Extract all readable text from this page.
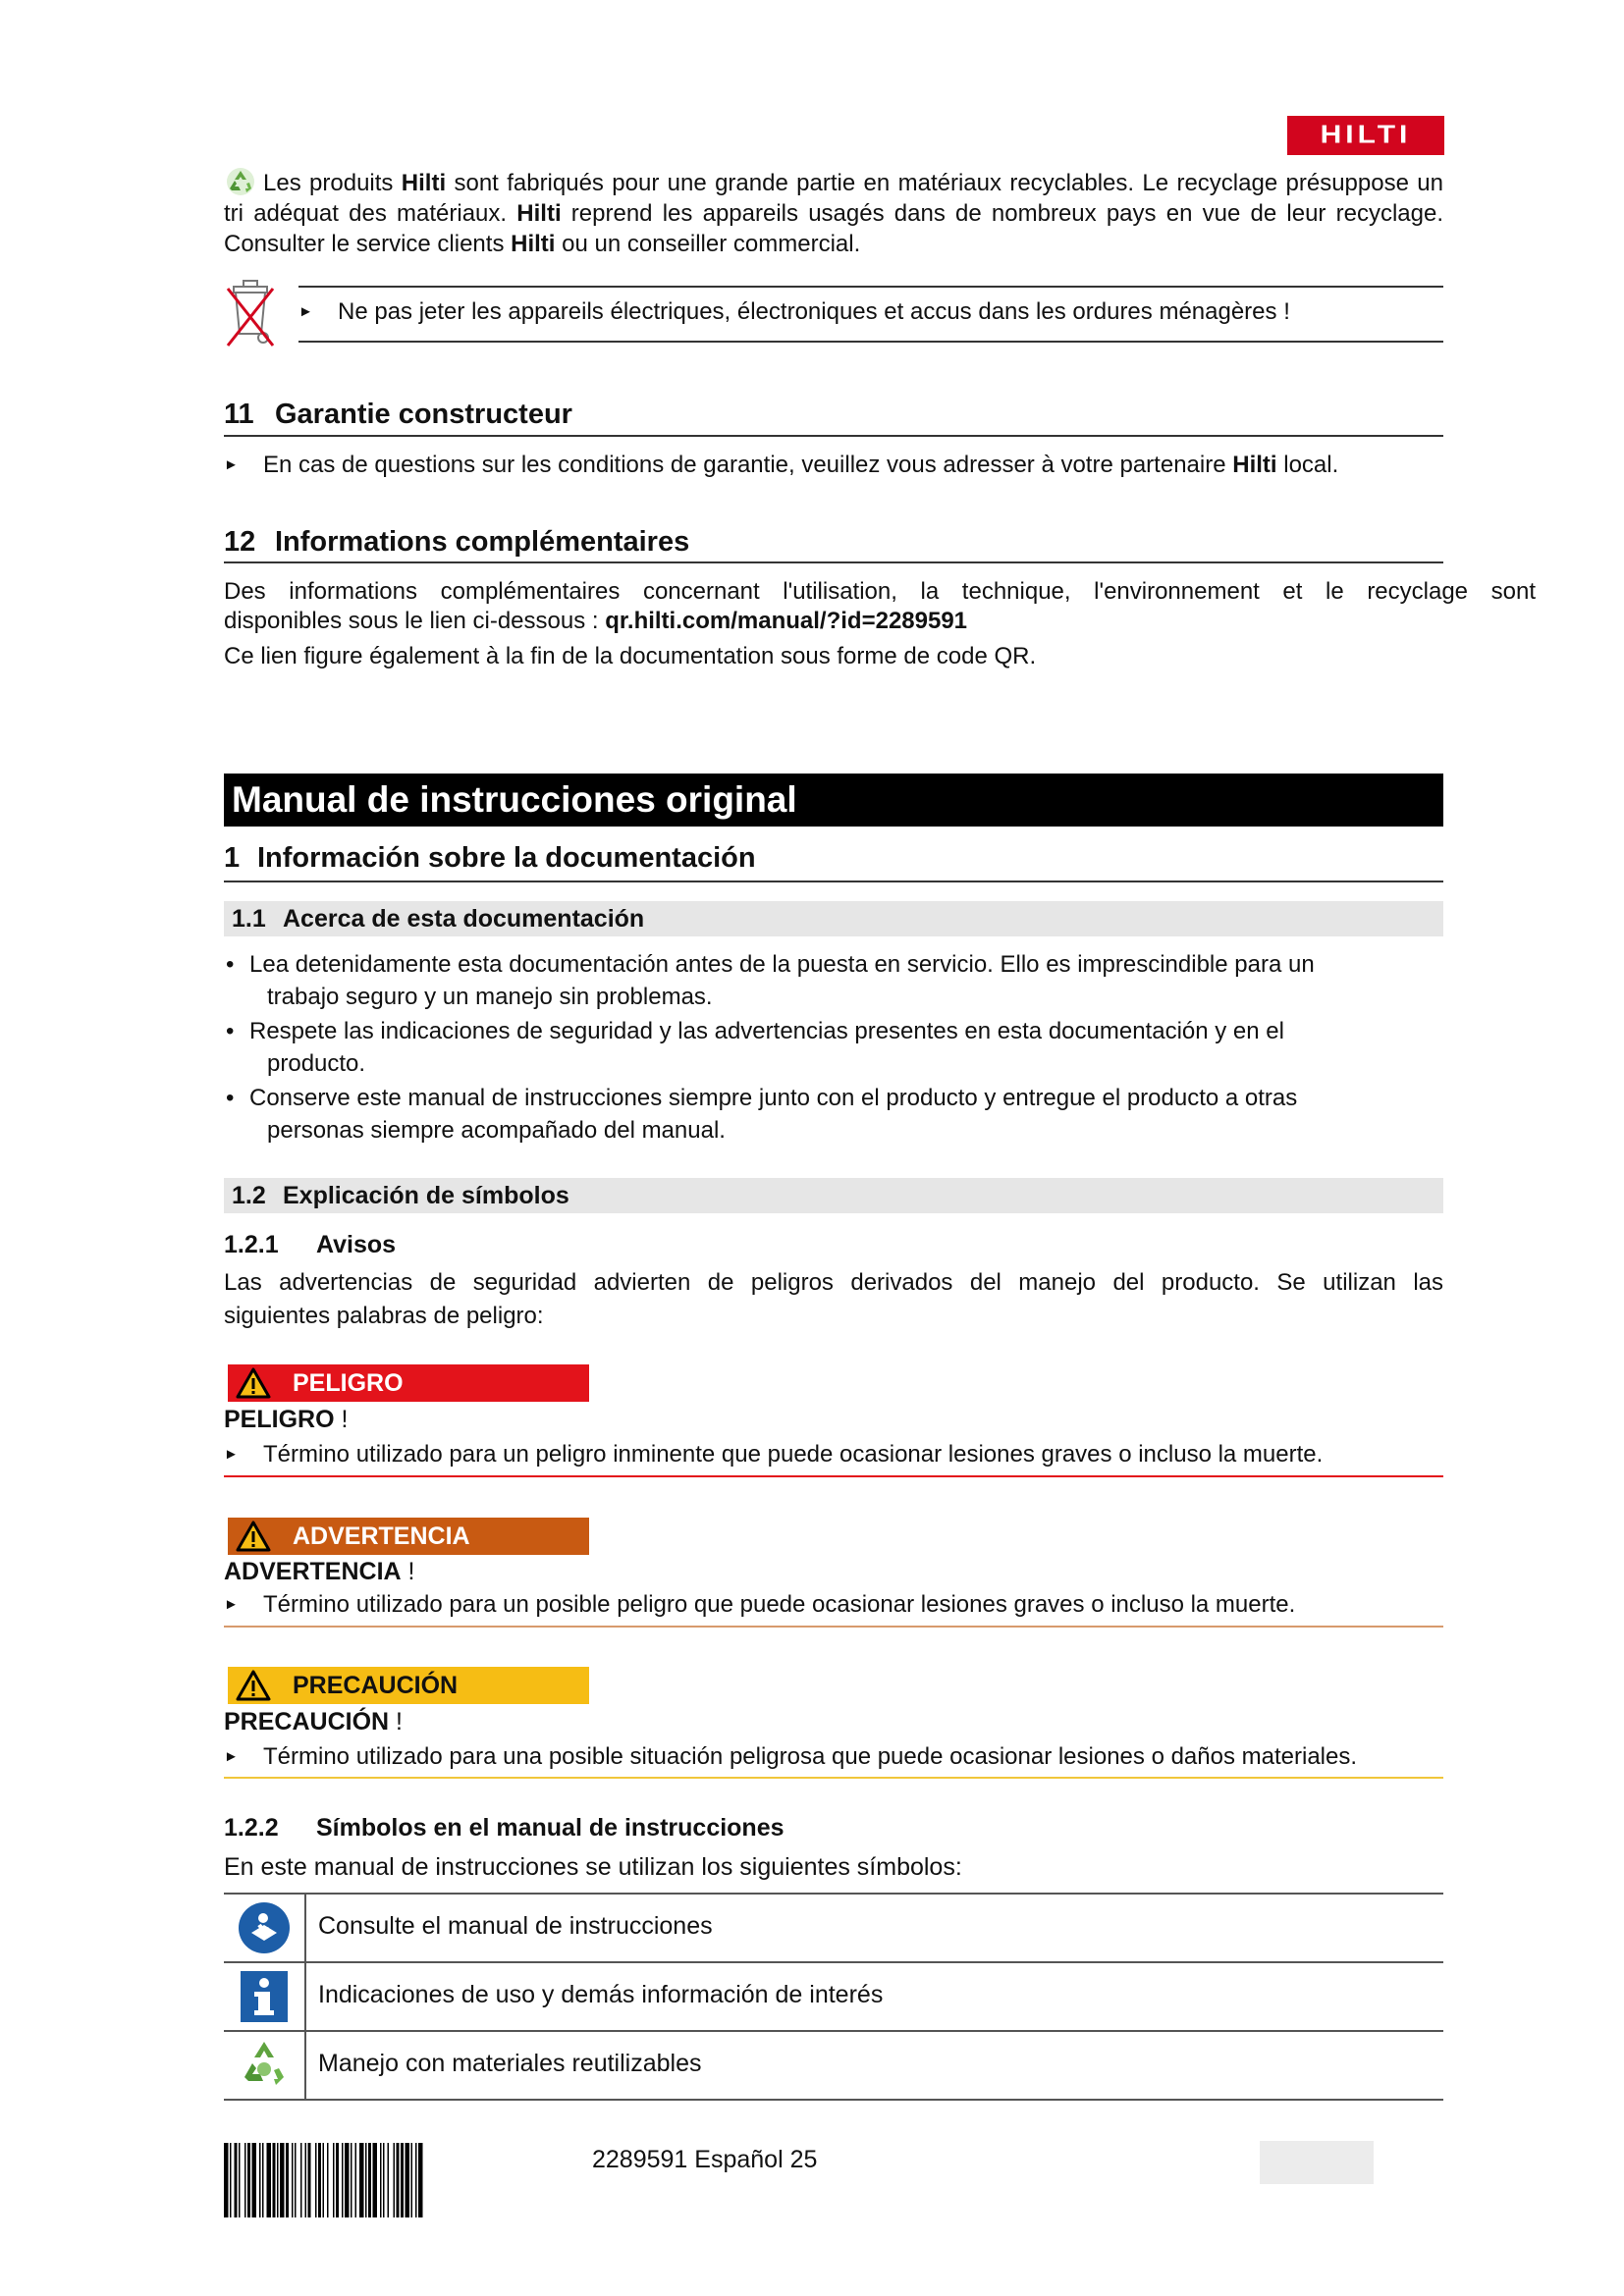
HILTI

Les produits Hilti sont fabriqués pour une grande partie en matériaux recyclables. Le recyclage présuppose un tri adéquat des matériaux. Hilti reprend les appareils usagés dans de nombreux pays en vue de leur recyclage. Consulter le service clients Hilti ou un conseiller commercial.

► Ne pas jeter les appareils électriques, électroniques et accus dans les ordures ménagères !
11 Garantie constructeur
► En cas de questions sur les conditions de garantie, veuillez vous adresser à votre partenaire Hilti local.
12 Informations complémentaires
Des informations complémentaires concernant l'utilisation, la technique, l'environnement et le recyclage sont
disponibles sous le lien ci-dessous : qr.hilti.com/manual/?id=2289591
Ce lien figure également à la fin de la documentation sous forme de code QR.
Manual de instrucciones original
1 Información sobre la documentación
1.1 Acerca de esta documentación
• Lea detenidamente esta documentación antes de la puesta en servicio. Ello es imprescindible para un
trabajo seguro y un manejo sin problemas.
• Respete las indicaciones de seguridad y las advertencias presentes en esta documentación y en el
producto.
• Conserve este manual de instrucciones siempre junto con el producto y entregue el producto a otras
personas siempre acompañado del manual.
1.2 Explicación de símbolos
1.2.1 Avisos
Las advertencias de seguridad advierten de peligros derivados del manejo del producto. Se utilizan las
siguientes palabras de peligro:
PELIGRO
PELIGRO !
► Término utilizado para un peligro inminente que puede ocasionar lesiones graves o incluso la muerte.
ADVERTENCIA
ADVERTENCIA !
► Término utilizado para un posible peligro que puede ocasionar lesiones graves o incluso la muerte.
PRECAUCIÓN
PRECAUCIÓN !
► Término utilizado para una posible situación peligrosa que puede ocasionar lesiones o daños materiales.
1.2.2 Símbolos en el manual de instrucciones
En este manual de instrucciones se utilizan los siguientes símbolos:
Consulte el manual de instrucciones
Indicaciones de uso y demás información de interés
Manejo con materiales reutilizables
2289591 Español 25
